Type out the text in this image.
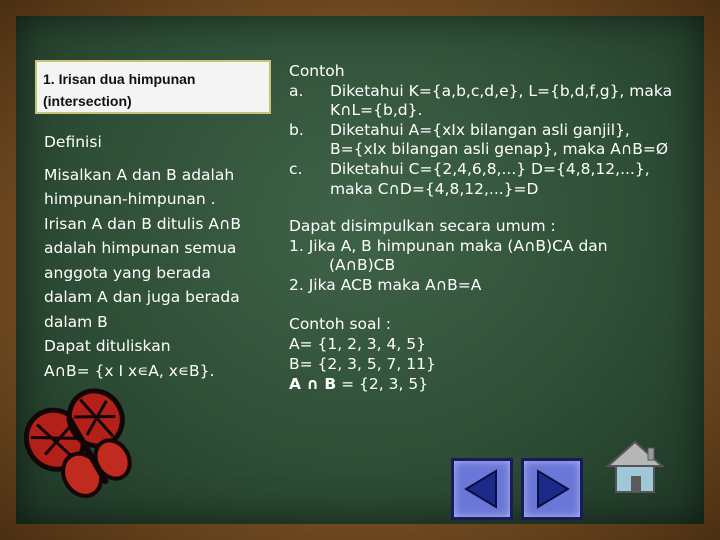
1. Irisan dua himpunan
(intersection)
Definisi
Misalkan A dan B adalah
himpunan-himpunan .
Irisan A dan B ditulis A∩B
adalah himpunan semua
anggota yang berada
dalam A dan juga berada
dalam B
Dapat dituliskan
A∩B= {x I x∊A, x∊B}.
Contoh
a. Diketahui K={a,b,c,d,e}, L={b,d,f,g}, maka
K∩L={b,d}.
b. Diketahui A={xIx bilangan asli ganjil},
B={xIx bilangan asli genap}, maka A∩B=Ø
c. Diketahui C={2,4,6,8,...} D={4,8,12,...},
maka C∩D={4,8,12,...}=D
Dapat disimpulkan secara umum :
1. Jika A, B himpunan maka (A∩B)CA dan
(A∩B)CB
2. Jika ACB maka A∩B=A
Contoh soal :
A= {1, 2, 3, 4, 5}
B= {2, 3, 5, 7, 11}
A ∩ B = {2, 3, 5}
